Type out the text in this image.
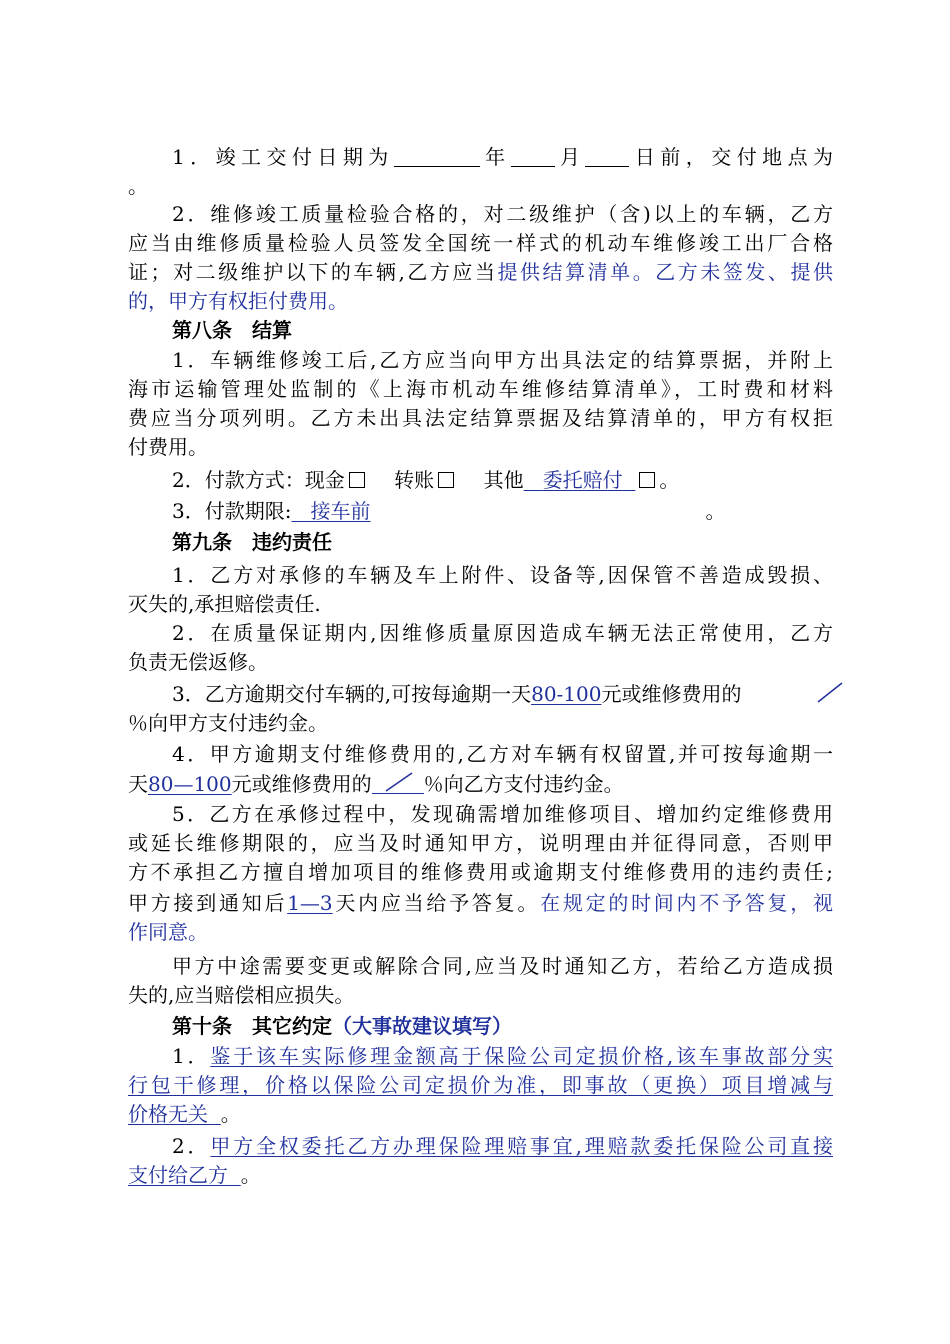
1．竣工交付日期为	年 月 日前，交付地点为
。
2．维修竣工质量检验合格的，对二级维护（含)以上的车辆，乙方
应当由维修质量检验人员签发全国统一样式的机动车维修竣工出厂合格
证；对二级维护以下的车辆,乙方应当提供结算清单。乙方未签发、提供
的，甲方有权拒付费用。
第八条　结算
1．车辆维修竣工后,乙方应当向甲方出具法定的结算票据，并附上
海市运输管理处监制的《上海市机动车维修结算清单》，工时费和材料
费应当分项列明。乙方未出具法定结算票据及结算清单的，甲方有权拒
付费用。
2．付款方式：现金 转账 其他 委托赔付 。
3．付款期限: 接车前	。
第九条　违约责任
1．乙方对承修的车辆及车上附件、设备等,因保管不善造成毁损、
灭失的,承担赔偿责任.
2．在质量保证期内,因维修质量原因造成车辆无法正常使用，乙方
负责无偿返修。
3．乙方逾期交付车辆的,可按每逾期一天80-100元或维修费用的
％向甲方支付违约金。
4．甲方逾期支付维修费用的,乙方对车辆有权留置,并可按每逾期一
天80—100元或维修费用的	％向乙方支付违约金。
5．乙方在承修过程中，发现确需增加维修项目、增加约定维修费用
或延长维修期限的，应当及时通知甲方，说明理由并征得同意，否则甲
方不承担乙方擅自增加项目的维修费用或逾期支付维修费用的违约责任;
甲方接到通知后1—3天内应当给予答复。在规定的时间内不予答复，视
作同意。
甲方中途需要变更或解除合同,应当及时通知乙方，若给乙方造成损
失的,应当赔偿相应损失。
第十条　其它约定（大事故建议填写）
1．鉴于该车实际修理金额高于保险公司定损价格,该车事故部分实
行包干修理，价格以保险公司定损价为准，即事故（更换）项目增减与
价格无关 。
2．甲方全权委托乙方办理保险理赔事宜,理赔款委托保险公司直接
支付给乙方 。
